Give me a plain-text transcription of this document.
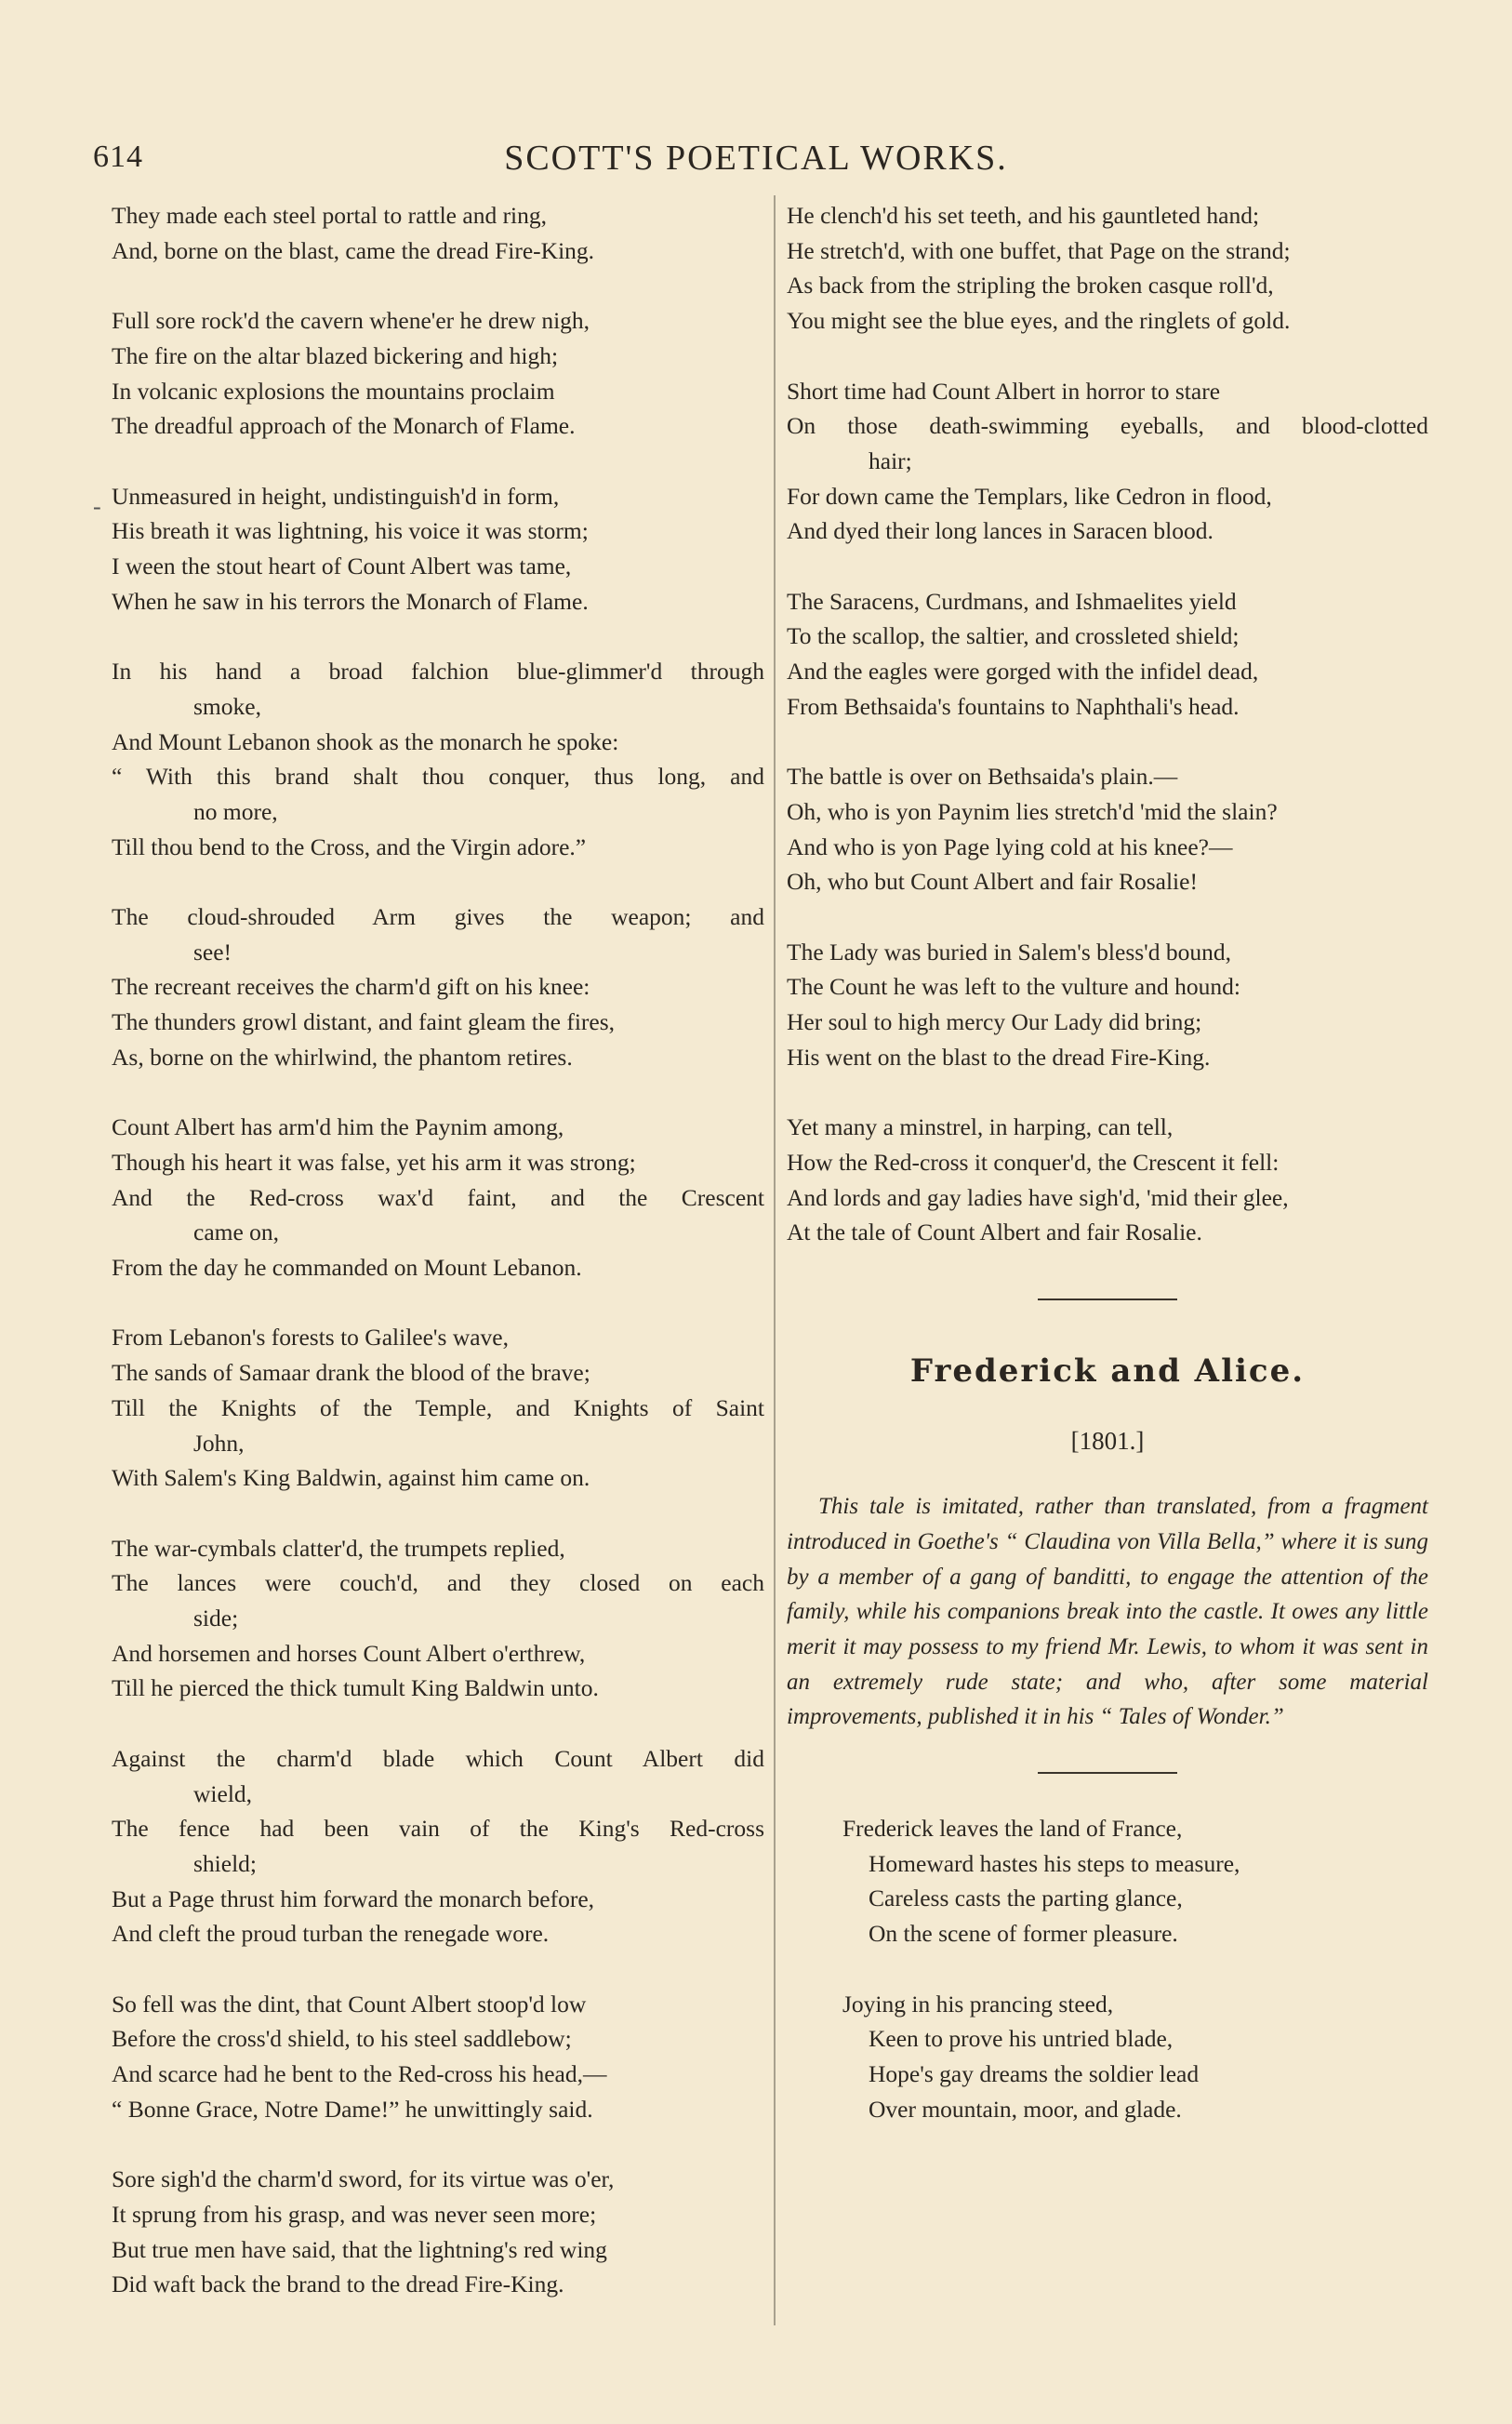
614	SCOTT'S POETICAL WORKS.
-
They made each steel portal to rattle and ring,
And, borne on the blast, came the dread Fire-King.
Full sore rock'd the cavern whene'er he drew nigh,
The fire on the altar blazed bickering and high;
In volcanic explosions the mountains proclaim
The dreadful approach of the Monarch of Flame.
Unmeasured in height, undistinguish'd in form,
His breath it was lightning, his voice it was storm;
I ween the stout heart of Count Albert was tame,
When he saw in his terrors the Monarch of Flame.
In his hand a broad falchion blue-glimmer'd through
smoke,
And Mount Lebanon shook as the monarch he spoke:
“ With this brand shalt thou conquer, thus long, and
no more,
Till thou bend to the Cross, and the Virgin adore.”
The cloud-shrouded Arm gives the weapon; and
see!
The recreant receives the charm'd gift on his knee:
The thunders growl distant, and faint gleam the fires,
As, borne on the whirlwind, the phantom retires.
Count Albert has arm'd him the Paynim among,
Though his heart it was false, yet his arm it was strong;
And the Red-cross wax'd faint, and the Crescent
came on,
From the day he commanded on Mount Lebanon.
From Lebanon's forests to Galilee's wave,
The sands of Samaar drank the blood of the brave;
Till the Knights of the Temple, and Knights of Saint
John,
With Salem's King Baldwin, against him came on.
The war-cymbals clatter'd, the trumpets replied,
The lances were couch'd, and they closed on each
side;
And horsemen and horses Count Albert o'erthrew,
Till he pierced the thick tumult King Baldwin unto.
Against the charm'd blade which Count Albert did
wield,
The fence had been vain of the King's Red-cross
shield;
But a Page thrust him forward the monarch before,
And cleft the proud turban the renegade wore.
So fell was the dint, that Count Albert stoop'd low
Before the cross'd shield, to his steel saddlebow;
And scarce had he bent to the Red-cross his head,—
“ Bonne Grace, Notre Dame!” he unwittingly said.
Sore sigh'd the charm'd sword, for its virtue was o'er,
It sprung from his grasp, and was never seen more;
But true men have said, that the lightning's red wing
Did waft back the brand to the dread Fire-King.
He clench'd his set teeth, and his gauntleted hand;
He stretch'd, with one buffet, that Page on the strand;
As back from the stripling the broken casque roll'd,
You might see the blue eyes, and the ringlets of gold.
Short time had Count Albert in horror to stare
On those death-swimming eyeballs, and blood-clotted
hair;
For down came the Templars, like Cedron in flood,
And dyed their long lances in Saracen blood.
The Saracens, Curdmans, and Ishmaelites yield
To the scallop, the saltier, and crossleted shield;
And the eagles were gorged with the infidel dead,
From Bethsaida's fountains to Naphthali's head.
The battle is over on Bethsaida's plain.—
Oh, who is yon Paynim lies stretch'd 'mid the slain?
And who is yon Page lying cold at his knee?—
Oh, who but Count Albert and fair Rosalie!
The Lady was buried in Salem's bless'd bound,
The Count he was left to the vulture and hound:
Her soul to high mercy Our Lady did bring;
His went on the blast to the dread Fire-King.
Yet many a minstrel, in harping, can tell,
How the Red-cross it conquer'd, the Crescent it fell:
And lords and gay ladies have sigh'd, 'mid their glee,
At the tale of Count Albert and fair Rosalie.

Frederick and Alice.

[1801.]

This tale is imitated, rather than translated, from a fragment introduced in Goethe's “ Claudina von Villa Bella,” where it is sung by a member of a gang of banditti, to engage the attention of the family, while his companions break into the castle. It owes any little merit it may possess to my friend Mr. Lewis, to whom it was sent in an extremely rude state; and who, after some material improvements, published it in his “ Tales of Wonder.”

Frederick leaves the land of France,
Homeward hastes his steps to measure,
Careless casts the parting glance,
On the scene of former pleasure.
Joying in his prancing steed,
Keen to prove his untried blade,
Hope's gay dreams the soldier lead
Over mountain, moor, and glade.
